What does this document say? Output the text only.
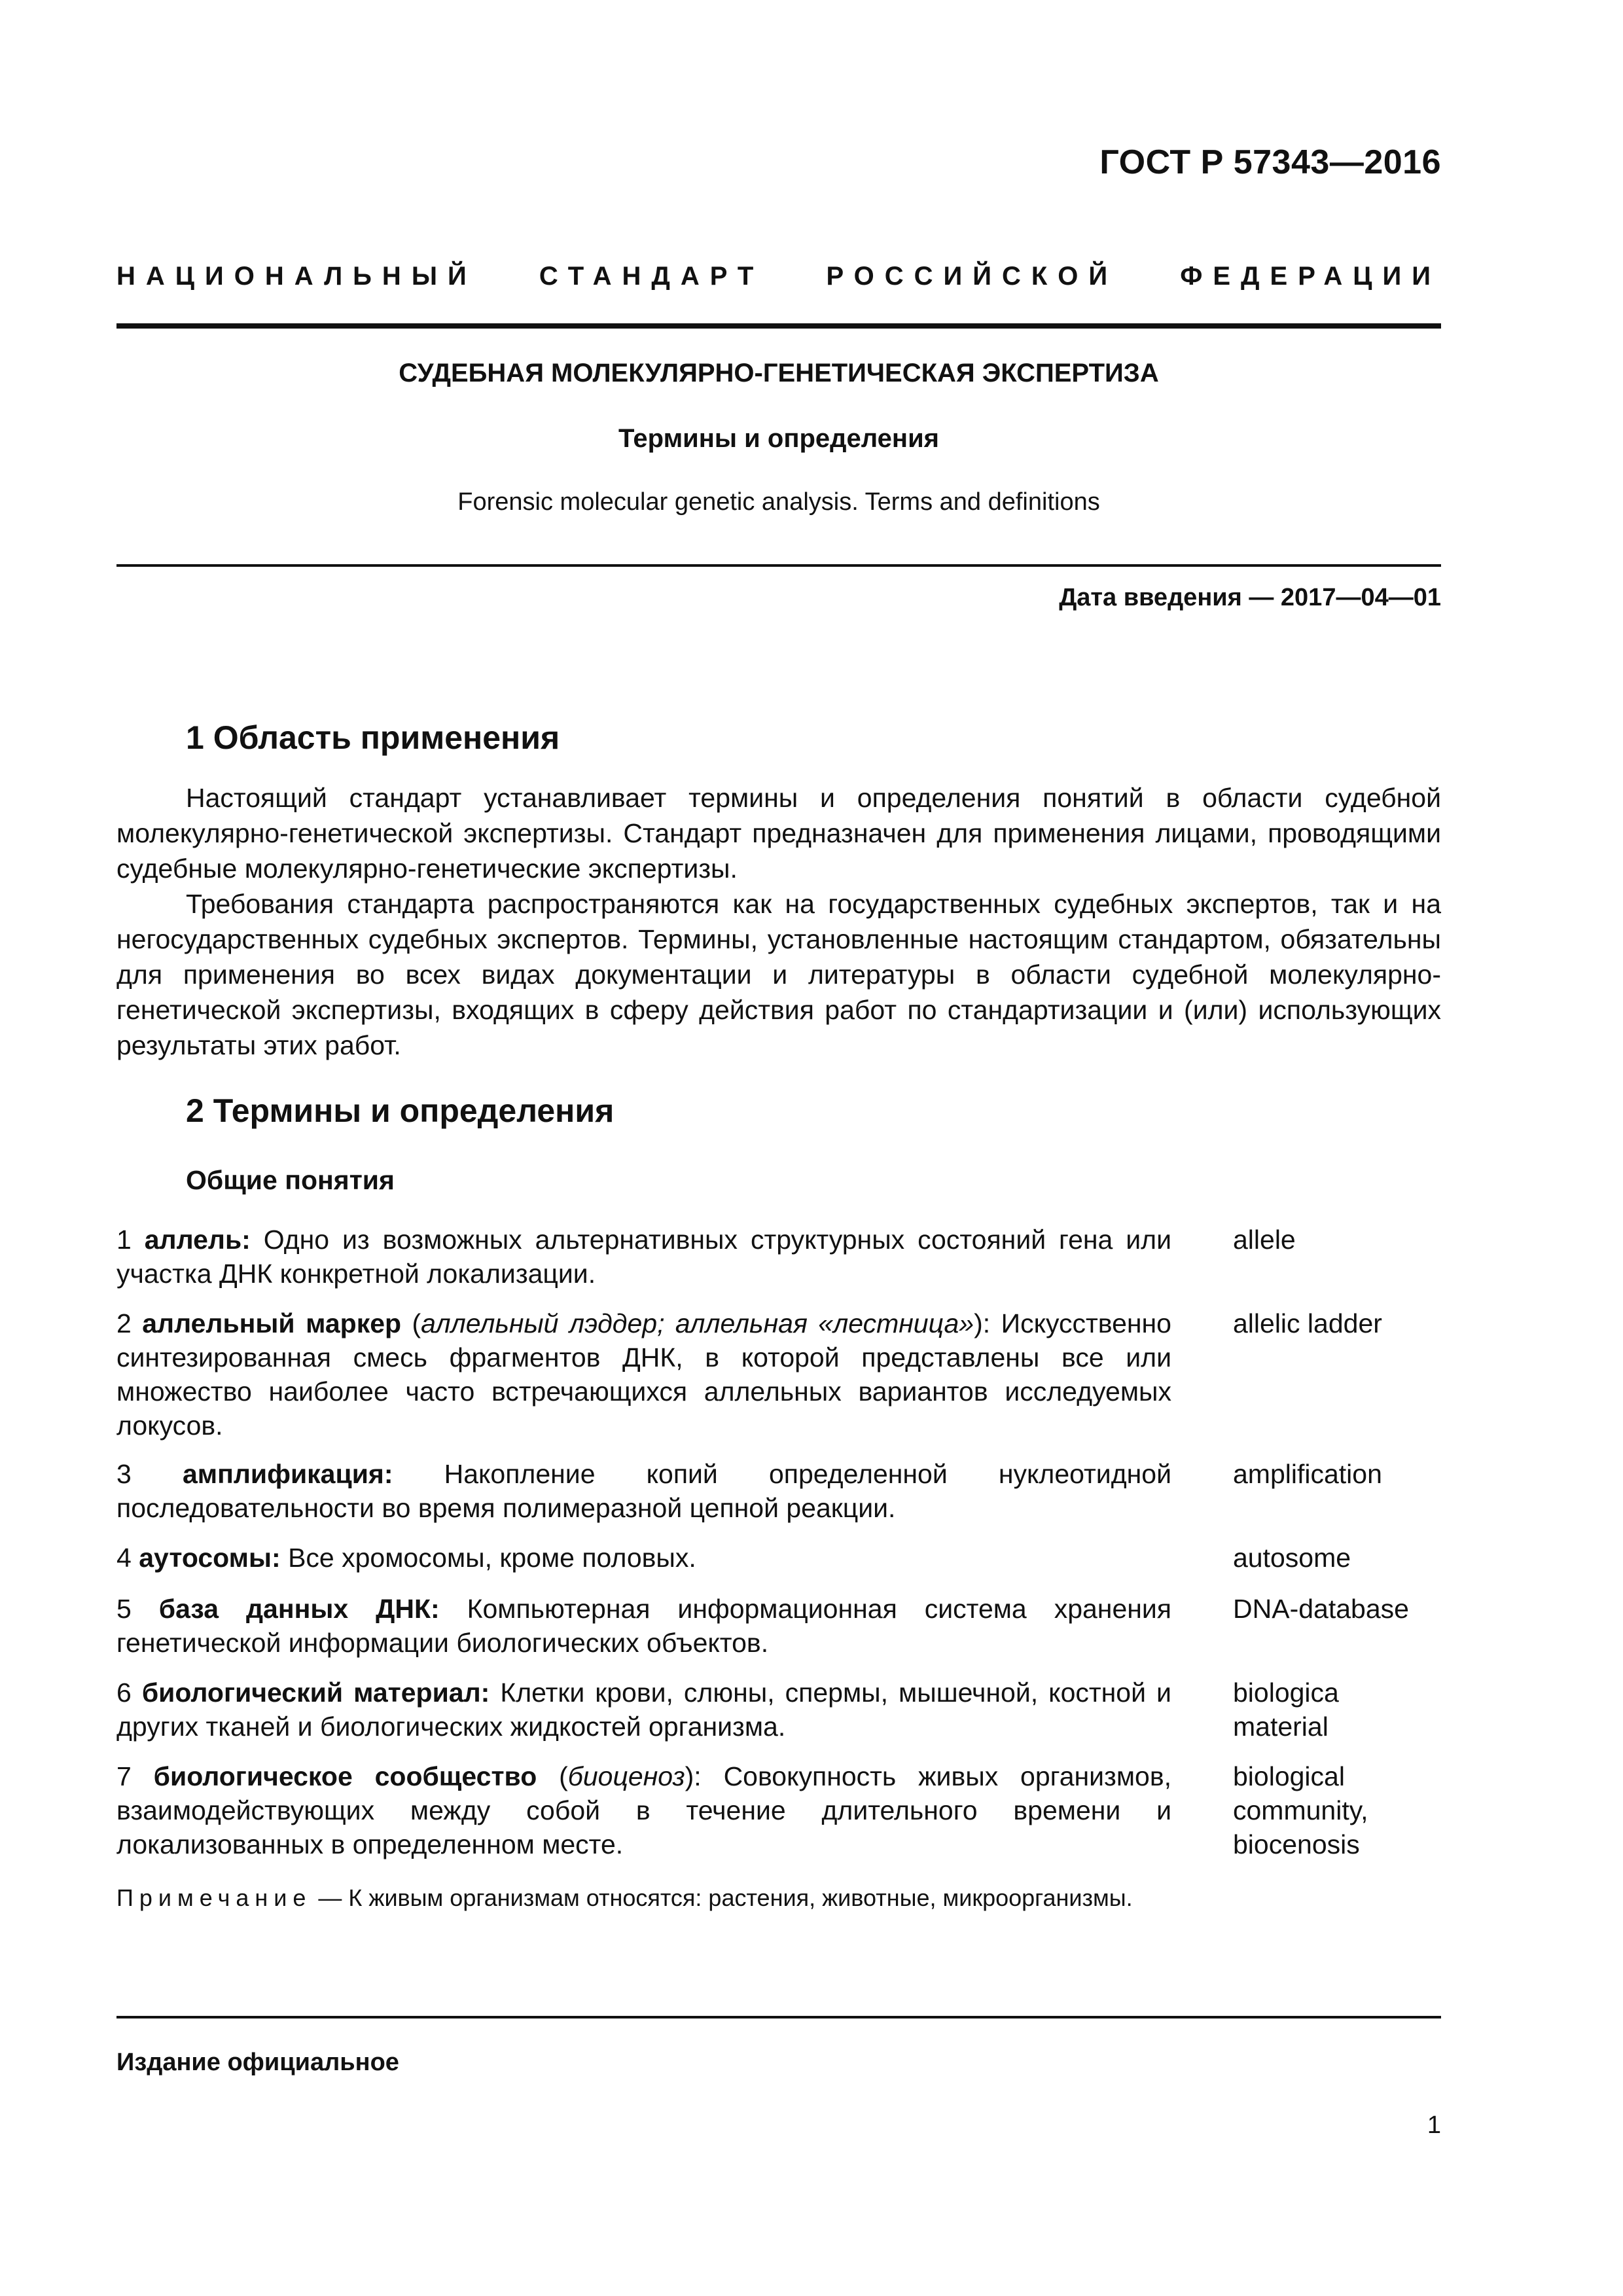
ГОСТ Р 57343—2016
НАЦИОНАЛЬНЫЙ СТАНДАРТ РОССИЙСКОЙ ФЕДЕРАЦИИ
СУДЕБНАЯ МОЛЕКУЛЯРНО-ГЕНЕТИЧЕСКАЯ ЭКСПЕРТИЗА
Термины и определения
Forensic molecular genetic analysis. Terms and definitions
Дата введения — 2017—04—01
1 Область применения
Настоящий стандарт устанавливает термины и определения понятий в области судебной молекулярно-генетической экспертизы. Стандарт предназначен для применения лицами, проводящими судебные молекулярно-генетические экспертизы.
Требования стандарта распространяются как на государственных судебных экспертов, так и на негосударственных судебных экспертов. Термины, установленные настоящим стандартом, обязательны для применения во всех видах документации и литературы в области судебной молекулярно-генетической экспертизы, входящих в сферу действия работ по стандартизации и (или) использующих результаты этих работ.
2 Термины и определения
Общие понятия
1 аллель: Одно из возможных альтернативных структурных состояний гена или участка ДНК конкретной локализации.
allele
2 аллельный маркер (аллельный лэддер; аллельная «лестница»): Искусственно синтезированная смесь фрагментов ДНК, в которой представлены все или множество наиболее часто встречающихся аллельных вариантов исследуемых локусов.
allelic ladder
3 амплификация: Накопление копий определенной нуклеотидной последовательности во время полимеразной цепной реакции.
amplification
4 аутосомы: Все хромосомы, кроме половых.	autosome
5 база данных ДНК: Компьютерная информационная система хранения генетической информации биологических объектов.
DNA-database
6 биологический материал: Клетки крови, слюны, спермы, мышечной, костной и других тканей и биологических жидкостей организма.
biologica material
7 биологическое сообщество (биоценоз): Совокупность живых организмов, взаимодействующих между собой в течение длительного времени и локализованных в определенном месте.
biological community, biocenosis
Примечание — К живым организмам относятся: растения, животные, микроорганизмы.
Издание официальное
1
